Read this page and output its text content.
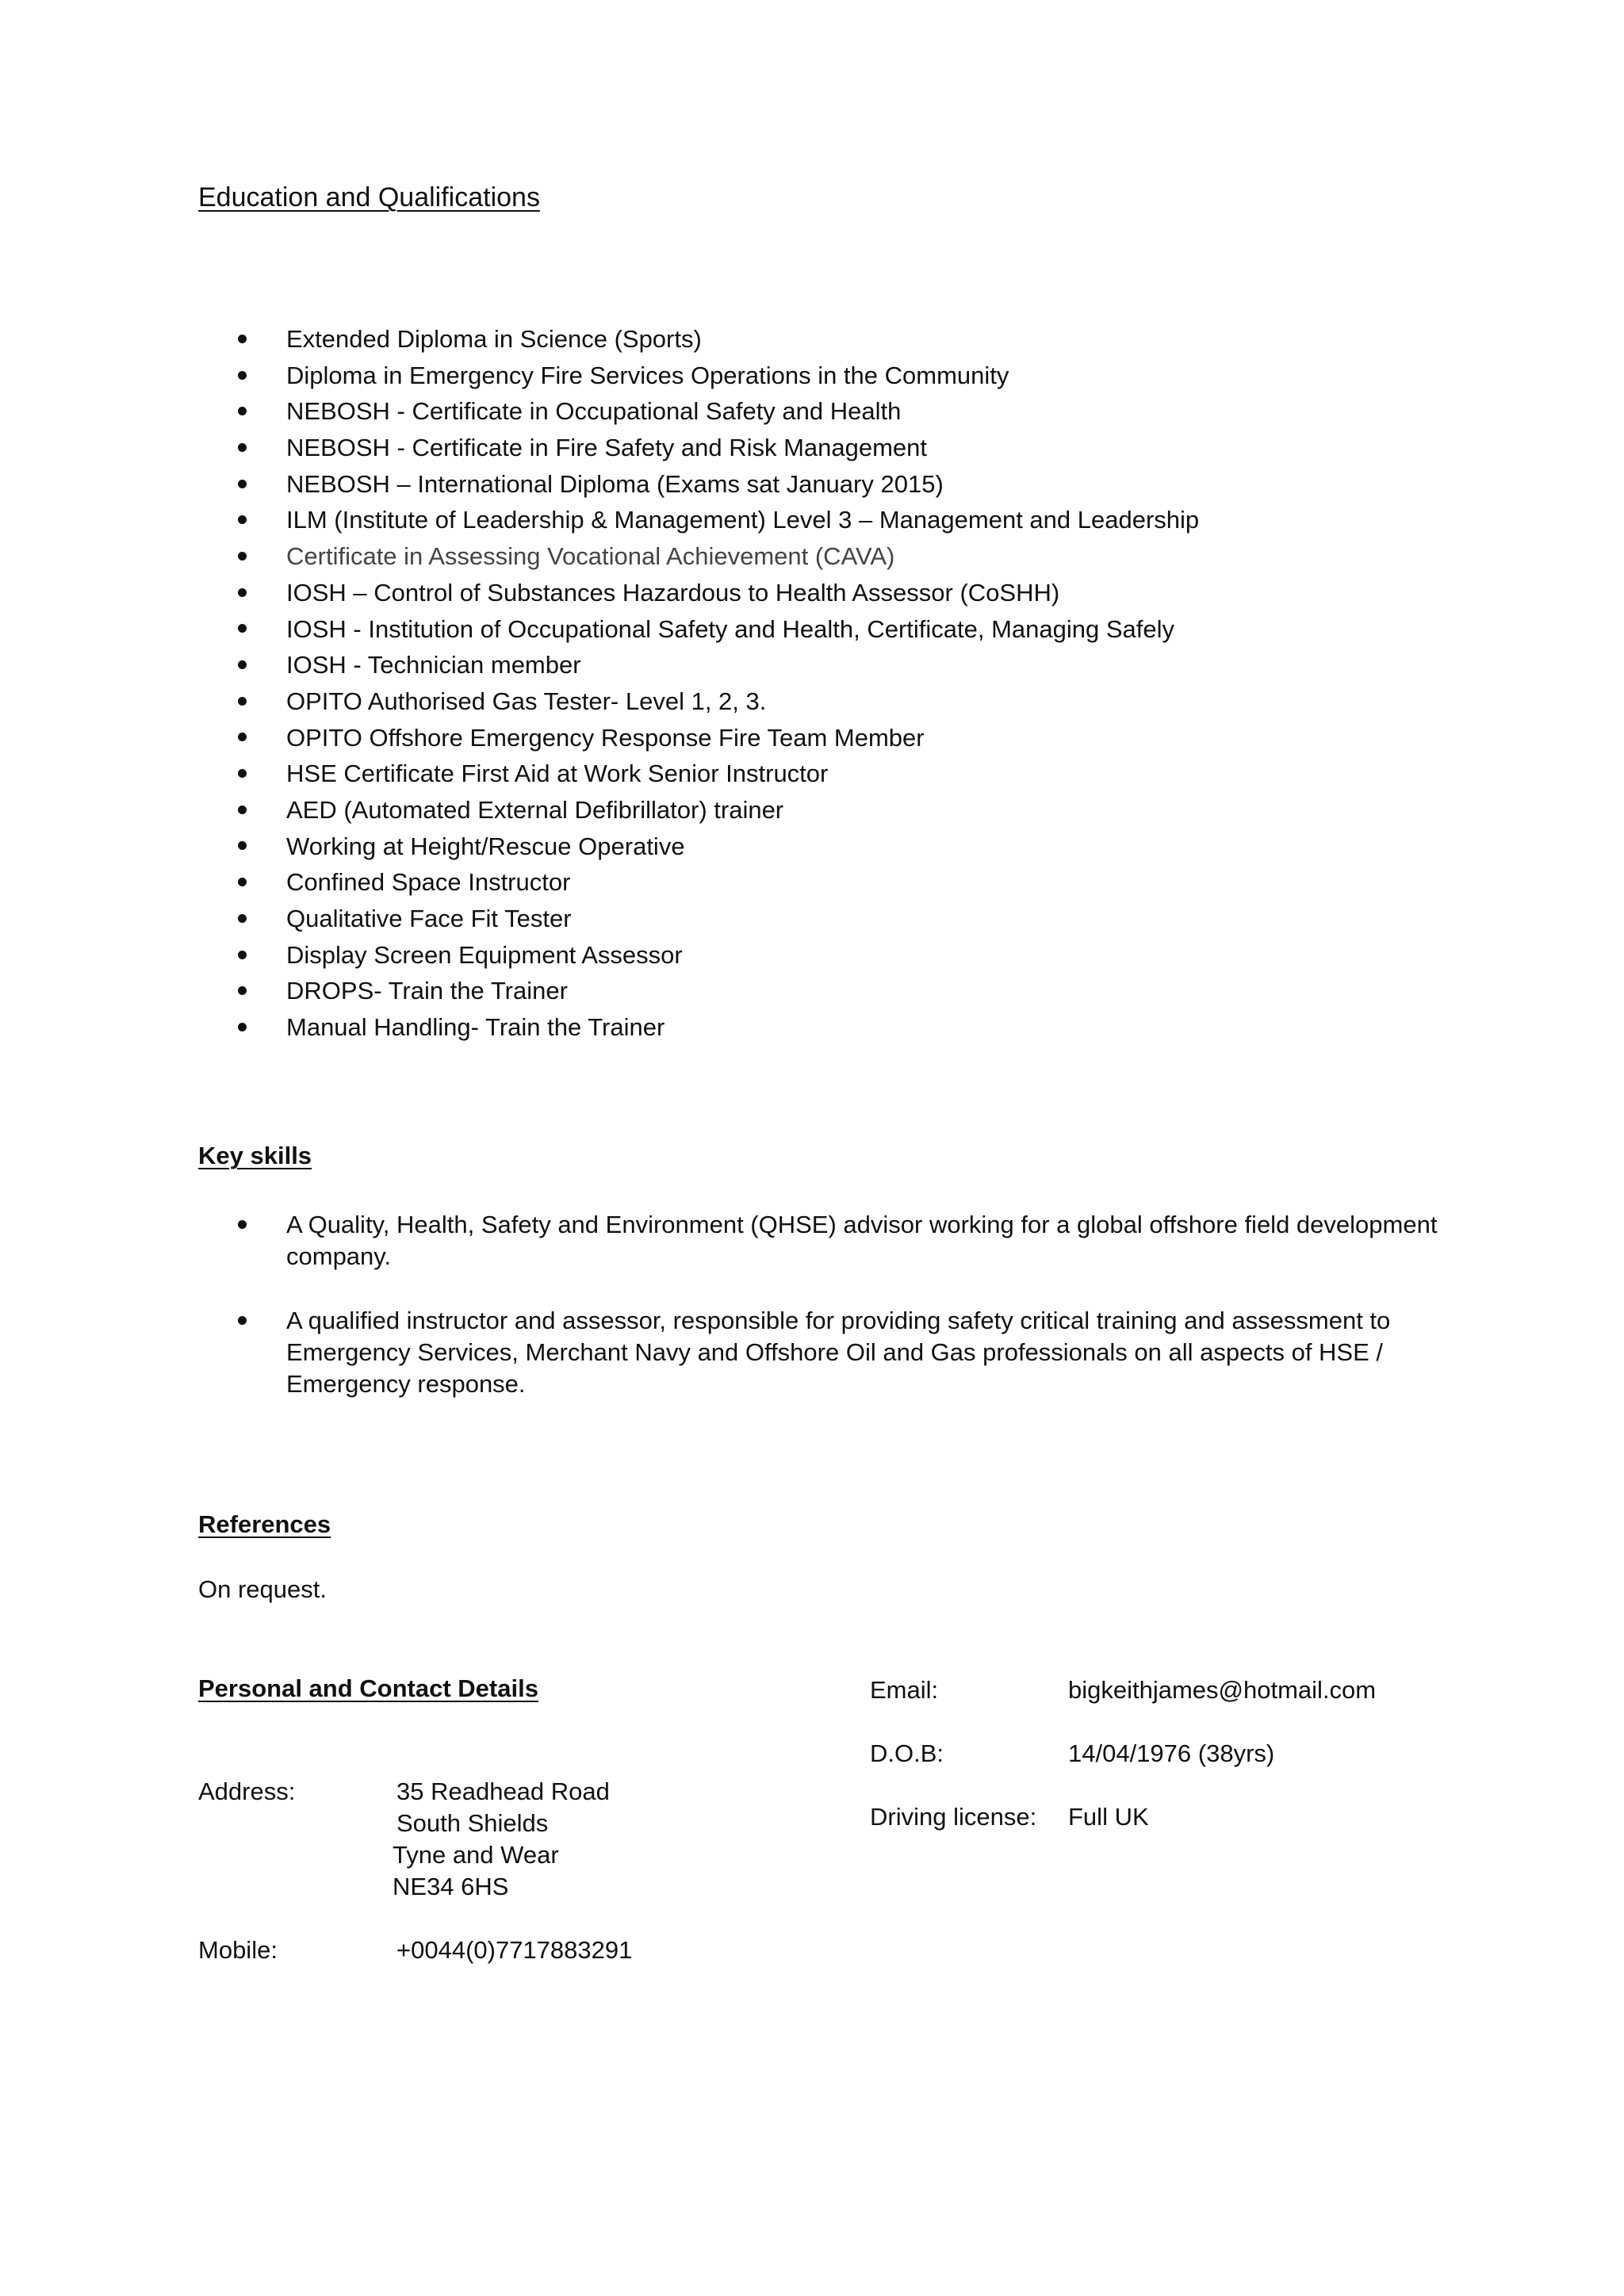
Education and Qualifications
Extended Diploma in Science (Sports)
Diploma in Emergency Fire Services Operations in the Community
NEBOSH - Certificate in Occupational Safety and Health
NEBOSH - Certificate in Fire Safety and Risk Management
NEBOSH – International Diploma (Exams sat January 2015)
ILM (Institute of Leadership & Management) Level 3 – Management and Leadership
Certificate in Assessing Vocational Achievement (CAVA)
IOSH – Control of Substances Hazardous to Health Assessor (CoSHH)
IOSH - Institution of Occupational Safety and Health, Certificate, Managing Safely
IOSH - Technician member
OPITO Authorised Gas Tester- Level 1, 2, 3.
OPITO Offshore Emergency Response Fire Team Member
HSE Certificate First Aid at Work Senior Instructor
AED (Automated External Defibrillator) trainer
Working at Height/Rescue Operative
Confined Space Instructor
Qualitative Face Fit Tester
Display Screen Equipment Assessor
DROPS- Train the Trainer
Manual Handling- Train the Trainer
Key skills
A Quality, Health, Safety and Environment (QHSE) advisor working for a global offshore field development company.
A qualified instructor and assessor, responsible for providing safety critical training and assessment to Emergency Services, Merchant Navy and Offshore Oil and Gas professionals on all aspects of HSE / Emergency response.
References
On request.
Personal and Contact Details
Address:	35 Readhead Road
South Shields
Tyne and Wear
NE34 6HS
Mobile:	+0044(0)7717883291
Email:	bigkeithjames@hotmail.com
D.O.B:	14/04/1976 (38yrs)
Driving license: Full UK
